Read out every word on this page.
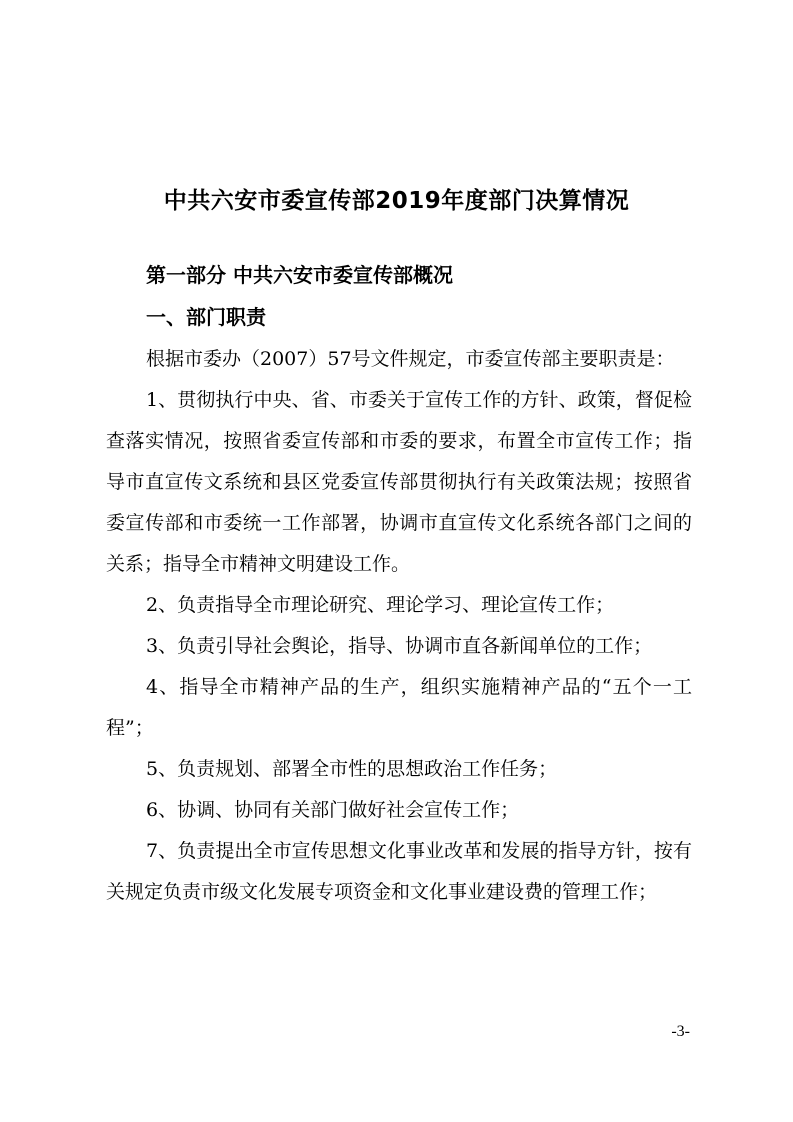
中共六安市委宣传部2019年度部门决算情况
第一部分 中共六安市委宣传部概况
一、部门职责

根据市委办（2007）57号文件规定，市委宣传部主要职责是：

1、贯彻执行中央、省、市委关于宣传工作的方针、政策，督促检查落实情况，按照省委宣传部和市委的要求，布置全市宣传工作；指导市直宣传文系统和县区党委宣传部贯彻执行有关政策法规；按照省委宣传部和市委统一工作部署，协调市直宣传文化系统各部门之间的关系；指导全市精神文明建设工作。

2、负责指导全市理论研究、理论学习、理论宣传工作；

3、负责引导社会舆论，指导、协调市直各新闻单位的工作；

4、指导全市精神产品的生产，组织实施精神产品的“五个一工程”；

5、负责规划、部署全市性的思想政治工作任务；

6、协调、协同有关部门做好社会宣传工作；

7、负责提出全市宣传思想文化事业改革和发展的指导方针，按有关规定负责市级文化发展专项资金和文化事业建设费的管理工作；

-3-
